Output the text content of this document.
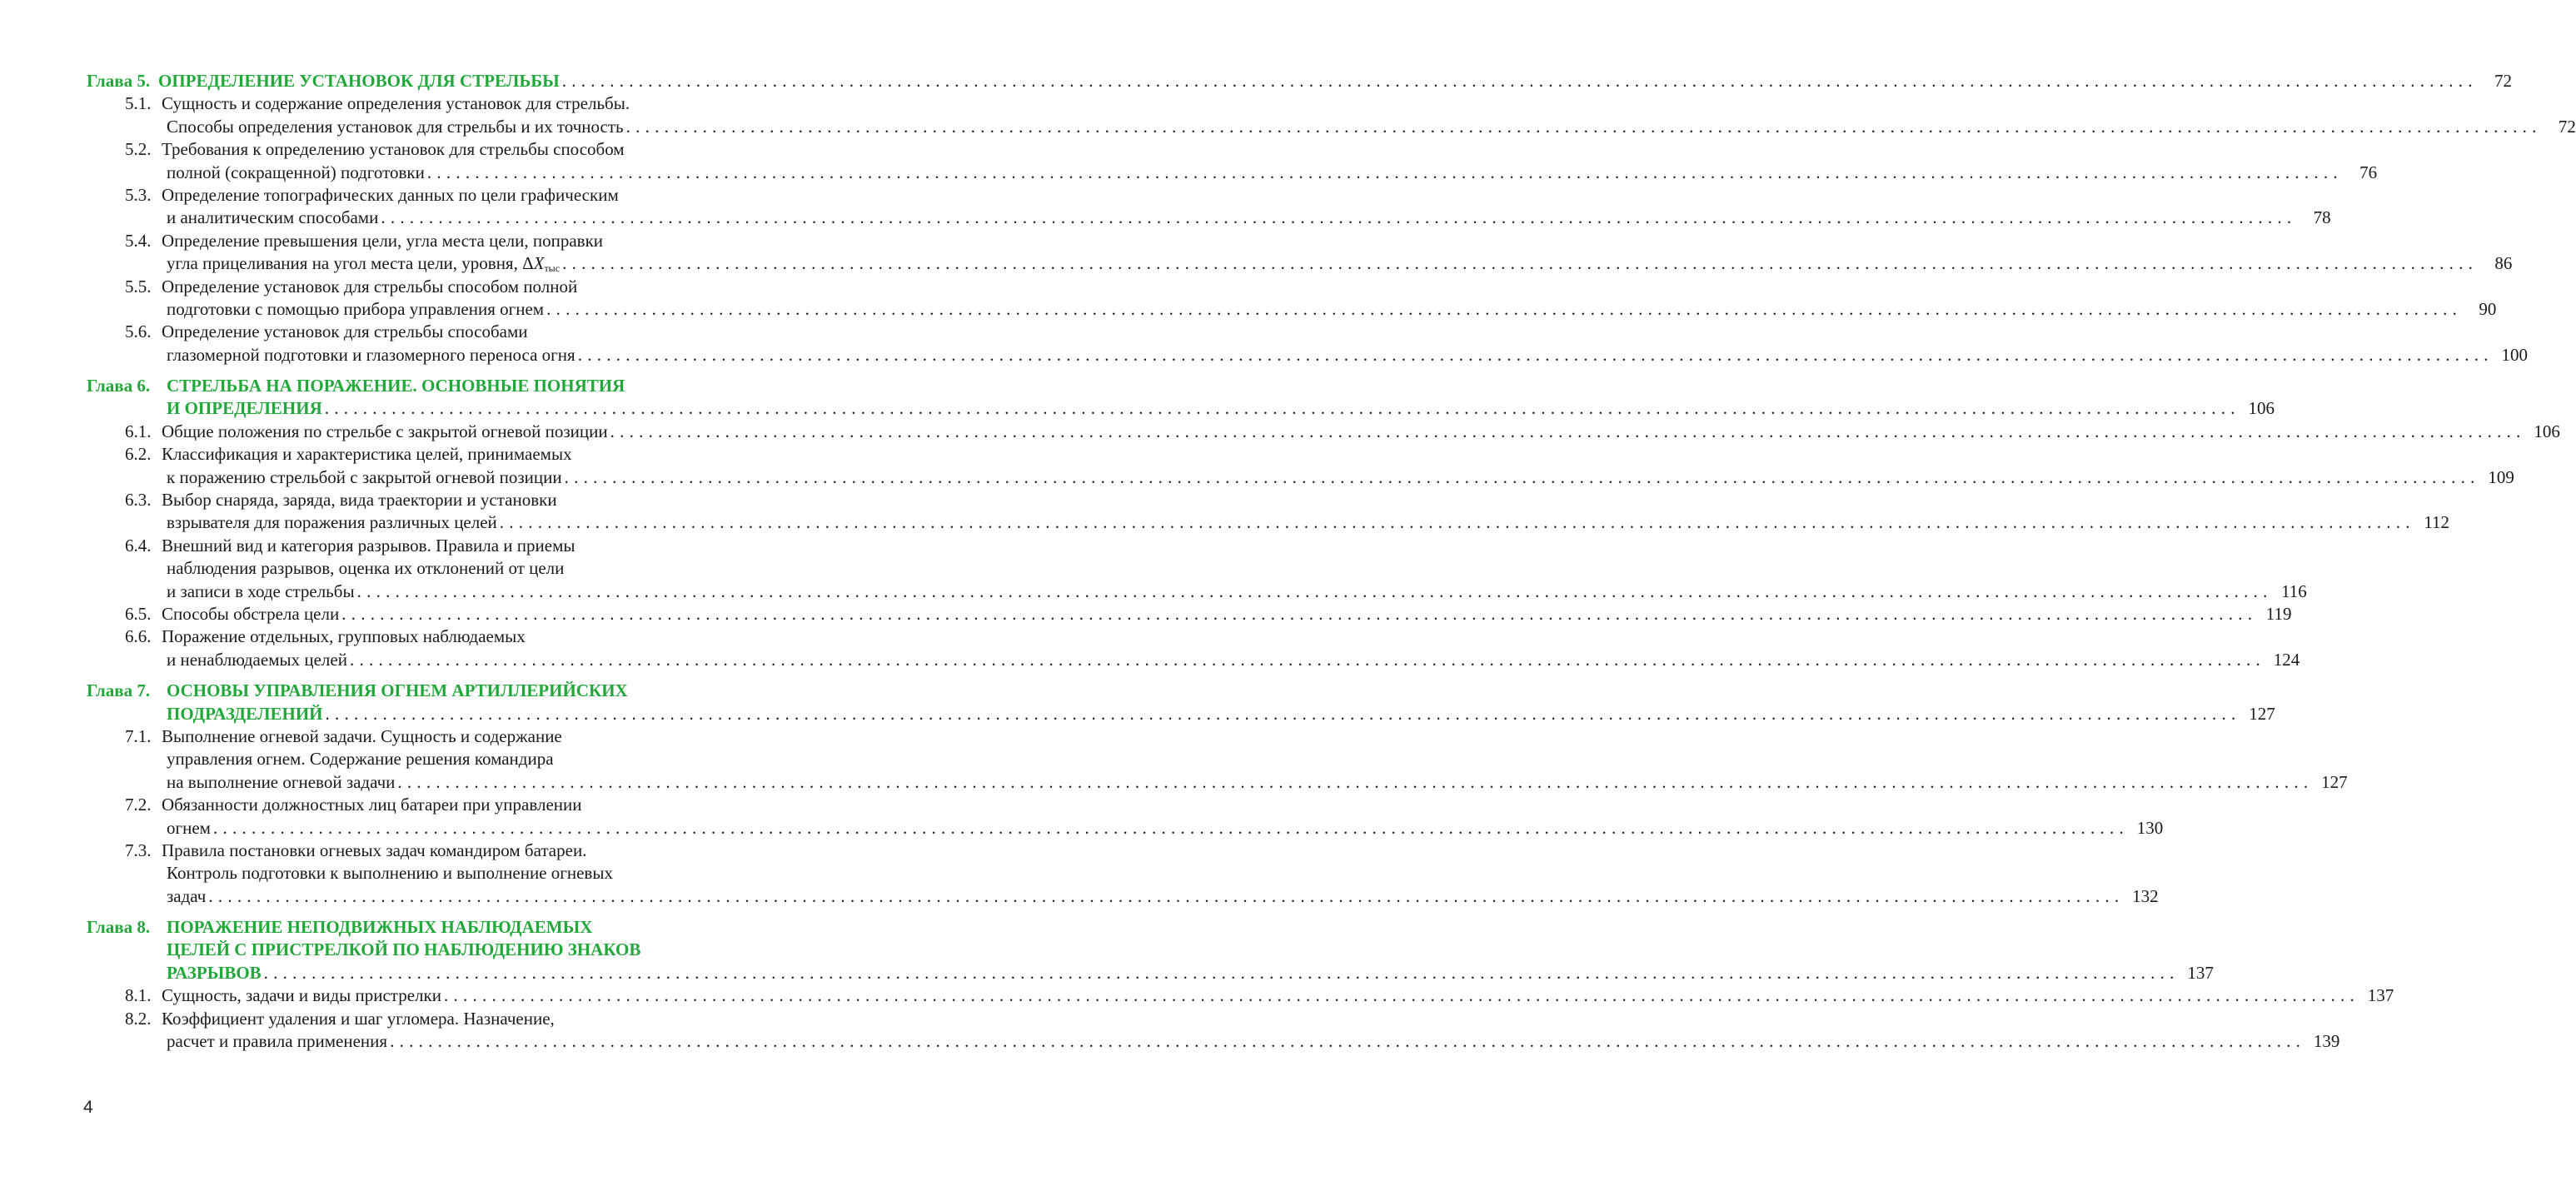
Глава 5. ОПРЕДЕЛЕНИЕ УСТАНОВОК ДЛЯ СТРЕЛЬБЫ . . . . . . . . . . . . . . . . . . . . . . . . . . . . . . . . . . . . . . . . . . . . . . . . . . . . . . . . . . . . . . . . . . . . . . . . . . . . . . . . . . . . . . . . . . . . . . . . . . . . . . . . . . . . . . . . . . . . . . . . . . . . . . . . . . . . . . . . . . . . . . . . . . . . . . . . . . . . . . . . . . . . . . . . . . . . . . . . . . . . . . . . . . . . . . . . . . . . . . . .	72
5.1. Сущность и содержание определения установок для стрельбы.
Способы определения установок для стрельбы и их точность . . . . . . . . . . . . . . . . . . . . . . . . . . . . . . . . . . . . . . . . . . . . . . . . . . . . . . . . . . . . . . . . . . . . . . . . . . . . . . . . . . . . . . . . . . . . . . . . . . . . . . . . . . . . . . . . . . . . . . . . . . . . . . . . . . . . . . . . . . . . . . . . . . . . . . . . . . . . . . . . . . . . . . . . . . . . . . . . . . . . . . . . . . . . . . . . . . . . . . . .	72
5.2. Требования к определению установок для стрельбы способом
полной (сокращенной) подготовки . . . . . . . . . . . . . . . . . . . . . . . . . . . . . . . . . . . . . . . . . . . . . . . . . . . . . . . . . . . . . . . . . . . . . . . . . . . . . . . . . . . . . . . . . . . . . . . . . . . . . . . . . . . . . . . . . . . . . . . . . . . . . . . . . . . . . . . . . . . . . . . . . . . . . . . . . . . . . . . . . . . . . . . . . . . . . . . . . . . . . . . . . . . . . . . . . . . . . . . .	76
5.3. Определение топографических данных по цели графическим
и аналитическим способами . . . . . . . . . . . . . . . . . . . . . . . . . . . . . . . . . . . . . . . . . . . . . . . . . . . . . . . . . . . . . . . . . . . . . . . . . . . . . . . . . . . . . . . . . . . . . . . . . . . . . . . . . . . . . . . . . . . . . . . . . . . . . . . . . . . . . . . . . . . . . . . . . . . . . . . . . . . . . . . . . . . . . . . . . . . . . . . . . . . . . . . . . . . . . . . . . . . . . . . .	78
5.4. Определение превышения цели, угла места цели, поправки
угла прицеливания на угол места цели, уровня, $\Delta X_{тыс}$ . . . . . . . . . . . . . . . . . . . . . . . . . . . . . . . . . . . . . . . . . . . . . . . . . . . . . . . . . . . . . . . . . . . . . . . . . . . . . . . . . . . . . . . . . . . . . . . . . . . . . . . . . . . . . . . . . . . . . . . . . . . . . . . . . . . . . . . . . . . . . . . . . . . . . . . . . . . . . . . . . . . . . . . . . . . . . . . . . . . . . . . . . . . . . . . . . . . . . . . .	86
5.5. Определение установок для стрельбы способом полной
подготовки с помощью прибора управления огнем . . . . . . . . . . . . . . . . . . . . . . . . . . . . . . . . . . . . . . . . . . . . . . . . . . . . . . . . . . . . . . . . . . . . . . . . . . . . . . . . . . . . . . . . . . . . . . . . . . . . . . . . . . . . . . . . . . . . . . . . . . . . . . . . . . . . . . . . . . . . . . . . . . . . . . . . . . . . . . . . . . . . . . . . . . . . . . . . . . . . . . . . . . . . . . . . . . . . . . . .	90
5.6. Определение установок для стрельбы способами
глазомерной подготовки и глазомерного переноса огня . . . . . . . . . . . . . . . . . . . . . . . . . . . . . . . . . . . . . . . . . . . . . . . . . . . . . . . . . . . . . . . . . . . . . . . . . . . . . . . . . . . . . . . . . . . . . . . . . . . . . . . . . . . . . . . . . . . . . . . . . . . . . . . . . . . . . . . . . . . . . . . . . . . . . . . . . . . . . . . . . . . . . . . . . . . . . . . . . . . . . . . . . . . . . . . . . . . . . . . . 100
Глава 6. СТРЕЛЬБА НА ПОРАЖЕНИЕ. ОСНОВНЫЕ ПОНЯТИЯ
И ОПРЕДЕЛЕНИЯ . . . . . . . . . . . . . . . . . . . . . . . . . . . . . . . . . . . . . . . . . . . . . . . . . . . . . . . . . . . . . . . . . . . . . . . . . . . . . . . . . . . . . . . . . . . . . . . . . . . . . . . . . . . . . . . . . . . . . . . . . . . . . . . . . . . . . . . . . . . . . . . . . . . . . . . . . . . . . . . . . . . . . . . . . . . . . . . . . . . . . . . . . . . . . . . . . . . . . . . . 106
6.1. Общие положения по стрельбе с закрытой огневой позиции . . . . . . . . . . . . . . . . . . . . . . . . . . . . . . . . . . . . . . . . . . . . . . . . . . . . . . . . . . . . . . . . . . . . . . . . . . . . . . . . . . . . . . . . . . . . . . . . . . . . . . . . . . . . . . . . . . . . . . . . . . . . . . . . . . . . . . . . . . . . . . . . . . . . . . . . . . . . . . . . . . . . . . . . . . . . . . . . . . . . . . . . . . . . . . . . . . . . . . . . 106
6.2. Классификация и характеристика целей, принимаемых
к поражению стрельбой с закрытой огневой позиции . . . . . . . . . . . . . . . . . . . . . . . . . . . . . . . . . . . . . . . . . . . . . . . . . . . . . . . . . . . . . . . . . . . . . . . . . . . . . . . . . . . . . . . . . . . . . . . . . . . . . . . . . . . . . . . . . . . . . . . . . . . . . . . . . . . . . . . . . . . . . . . . . . . . . . . . . . . . . . . . . . . . . . . . . . . . . . . . . . . . . . . . . . . . . . . . . . . . . . . . 109
6.3. Выбор снаряда, заряда, вида траектории и установки
взрывателя для поражения различных целей . . . . . . . . . . . . . . . . . . . . . . . . . . . . . . . . . . . . . . . . . . . . . . . . . . . . . . . . . . . . . . . . . . . . . . . . . . . . . . . . . . . . . . . . . . . . . . . . . . . . . . . . . . . . . . . . . . . . . . . . . . . . . . . . . . . . . . . . . . . . . . . . . . . . . . . . . . . . . . . . . . . . . . . . . . . . . . . . . . . . . . . . . . . . . . . . . . . . . . . . 112
6.4. Внешний вид и категория разрывов. Правила и приемы
наблюдения разрывов, оценка их отклонений от цели
и записи в ходе стрельбы . . . . . . . . . . . . . . . . . . . . . . . . . . . . . . . . . . . . . . . . . . . . . . . . . . . . . . . . . . . . . . . . . . . . . . . . . . . . . . . . . . . . . . . . . . . . . . . . . . . . . . . . . . . . . . . . . . . . . . . . . . . . . . . . . . . . . . . . . . . . . . . . . . . . . . . . . . . . . . . . . . . . . . . . . . . . . . . . . . . . . . . . . . . . . . . . . . . . . . . . 116
6.5. Способы обстрела цели . . . . . . . . . . . . . . . . . . . . . . . . . . . . . . . . . . . . . . . . . . . . . . . . . . . . . . . . . . . . . . . . . . . . . . . . . . . . . . . . . . . . . . . . . . . . . . . . . . . . . . . . . . . . . . . . . . . . . . . . . . . . . . . . . . . . . . . . . . . . . . . . . . . . . . . . . . . . . . . . . . . . . . . . . . . . . . . . . . . . . . . . . . . . . . . . . . . . . . . . 119
6.6. Поражение отдельных, групповых наблюдаемых
и ненаблюдаемых целей . . . . . . . . . . . . . . . . . . . . . . . . . . . . . . . . . . . . . . . . . . . . . . . . . . . . . . . . . . . . . . . . . . . . . . . . . . . . . . . . . . . . . . . . . . . . . . . . . . . . . . . . . . . . . . . . . . . . . . . . . . . . . . . . . . . . . . . . . . . . . . . . . . . . . . . . . . . . . . . . . . . . . . . . . . . . . . . . . . . . . . . . . . . . . . . . . . . . . . . . 124
Глава 7. ОСНОВЫ УПРАВЛЕНИЯ ОГНЕМ АРТИЛЛЕРИЙСКИХ
ПОДРАЗДЕЛЕНИЙ . . . . . . . . . . . . . . . . . . . . . . . . . . . . . . . . . . . . . . . . . . . . . . . . . . . . . . . . . . . . . . . . . . . . . . . . . . . . . . . . . . . . . . . . . . . . . . . . . . . . . . . . . . . . . . . . . . . . . . . . . . . . . . . . . . . . . . . . . . . . . . . . . . . . . . . . . . . . . . . . . . . . . . . . . . . . . . . . . . . . . . . . . . . . . . . . . . . . . . . . 127
7.1. Выполнение огневой задачи. Сущность и содержание
управления огнем. Содержание решения командира
на выполнение огневой задачи . . . . . . . . . . . . . . . . . . . . . . . . . . . . . . . . . . . . . . . . . . . . . . . . . . . . . . . . . . . . . . . . . . . . . . . . . . . . . . . . . . . . . . . . . . . . . . . . . . . . . . . . . . . . . . . . . . . . . . . . . . . . . . . . . . . . . . . . . . . . . . . . . . . . . . . . . . . . . . . . . . . . . . . . . . . . . . . . . . . . . . . . . . . . . . . . . . . . . . . . 127
7.2. Обязанности должностных лиц батареи при управлении
огнем . . . . . . . . . . . . . . . . . . . . . . . . . . . . . . . . . . . . . . . . . . . . . . . . . . . . . . . . . . . . . . . . . . . . . . . . . . . . . . . . . . . . . . . . . . . . . . . . . . . . . . . . . . . . . . . . . . . . . . . . . . . . . . . . . . . . . . . . . . . . . . . . . . . . . . . . . . . . . . . . . . . . . . . . . . . . . . . . . . . . . . . . . . . . . . . . . . . . . . . . 130
7.3. Правила постановки огневых задач командиром батареи.
Контроль подготовки к выполнению и выполнение огневых
задач . . . . . . . . . . . . . . . . . . . . . . . . . . . . . . . . . . . . . . . . . . . . . . . . . . . . . . . . . . . . . . . . . . . . . . . . . . . . . . . . . . . . . . . . . . . . . . . . . . . . . . . . . . . . . . . . . . . . . . . . . . . . . . . . . . . . . . . . . . . . . . . . . . . . . . . . . . . . . . . . . . . . . . . . . . . . . . . . . . . . . . . . . . . . . . . . . . . . . . . . 132
Глава 8. ПОРАЖЕНИЕ НЕПОДВИЖНЫХ НАБЛЮДАЕМЫХ
ЦЕЛЕЙ С ПРИСТРЕЛКОЙ ПО НАБЛЮДЕНИЮ ЗНАКОВ
РАЗРЫВОВ . . . . . . . . . . . . . . . . . . . . . . . . . . . . . . . . . . . . . . . . . . . . . . . . . . . . . . . . . . . . . . . . . . . . . . . . . . . . . . . . . . . . . . . . . . . . . . . . . . . . . . . . . . . . . . . . . . . . . . . . . . . . . . . . . . . . . . . . . . . . . . . . . . . . . . . . . . . . . . . . . . . . . . . . . . . . . . . . . . . . . . . . . . . . . . . . . . . . . . . . 137
8.1. Сущность, задачи и виды пристрелки . . . . . . . . . . . . . . . . . . . . . . . . . . . . . . . . . . . . . . . . . . . . . . . . . . . . . . . . . . . . . . . . . . . . . . . . . . . . . . . . . . . . . . . . . . . . . . . . . . . . . . . . . . . . . . . . . . . . . . . . . . . . . . . . . . . . . . . . . . . . . . . . . . . . . . . . . . . . . . . . . . . . . . . . . . . . . . . . . . . . . . . . . . . . . . . . . . . . . . . . 137
8.2. Коэффициент удаления и шаг угломера. Назначение,
расчет и правила применения . . . . . . . . . . . . . . . . . . . . . . . . . . . . . . . . . . . . . . . . . . . . . . . . . . . . . . . . . . . . . . . . . . . . . . . . . . . . . . . . . . . . . . . . . . . . . . . . . . . . . . . . . . . . . . . . . . . . . . . . . . . . . . . . . . . . . . . . . . . . . . . . . . . . . . . . . . . . . . . . . . . . . . . . . . . . . . . . . . . . . . . . . . . . . . . . . . . . . . . . 139
4
